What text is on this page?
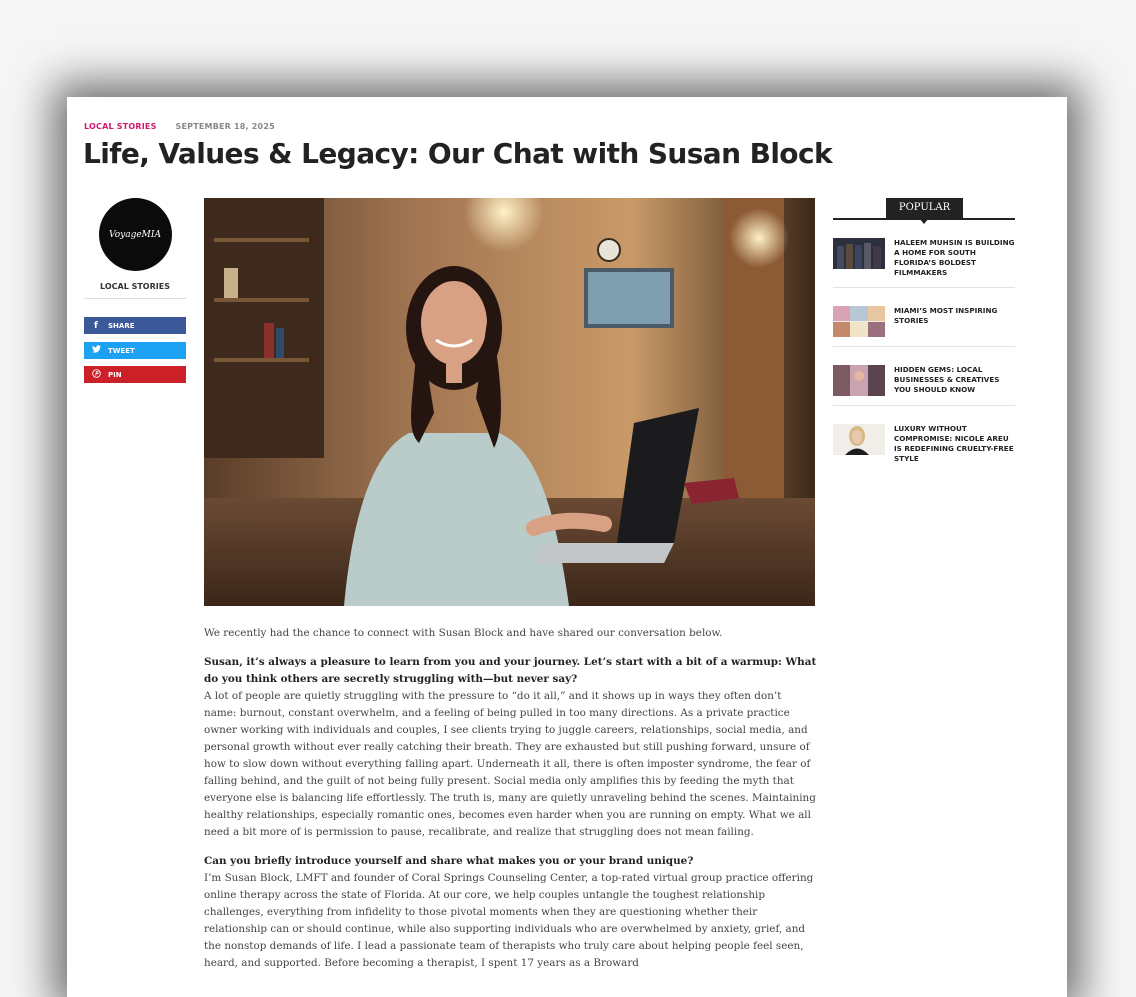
LOCAL STORIES SEPTEMBER 18, 2025
Life, Values & Legacy: Our Chat with Susan Block
VoyageMIA
LOCAL STORIES
f	SHARE
TWEET
PIN

We recently had the chance to connect with Susan Block and have shared our conversation below.

Susan, it’s always a pleasure to learn from you and your journey. Let’s start with a bit of a warmup: What do you think others are secretly struggling with—but never say?

A lot of people are quietly struggling with the pressure to “do it all,” and it shows up in ways they often don’t name: burnout, constant overwhelm, and a feeling of being pulled in too many directions. As a private practice owner working with individuals and couples, I see clients trying to juggle careers, relationships, social media, and personal growth without ever really catching their breath. They are exhausted but still pushing forward, unsure of how to slow down without everything falling apart. Underneath it all, there is often imposter syndrome, the fear of falling behind, and the guilt of not being fully present. Social media only amplifies this by feeding the myth that everyone else is balancing life effortlessly. The truth is, many are quietly unraveling behind the scenes. Maintaining healthy relationships, especially romantic ones, becomes even harder when you are running on empty. What we all need a bit more of is permission to pause, recalibrate, and realize that struggling does not mean failing.

Can you briefly introduce yourself and share what makes you or your brand unique?

I’m Susan Block, LMFT and founder of Coral Springs Counseling Center, a top-rated virtual group practice offering online therapy across the state of Florida. At our core, we help couples untangle the toughest relationship challenges, everything from infidelity to those pivotal moments when they are questioning whether their relationship can or should continue, while also supporting individuals who are overwhelmed by anxiety, grief, and the nonstop demands of life. I lead a passionate team of therapists who truly care about helping people feel seen, heard, and supported. Before becoming a therapist, I spent 17 years as a Broward

POPULAR
HALEEM MUHSIN IS BUILDING A HOME FOR SOUTH FLORIDA’S BOLDEST FILMMAKERS
MIAMI’S MOST INSPIRING STORIES
HIDDEN GEMS: LOCAL BUSINESSES & CREATIVES YOU SHOULD KNOW
LUXURY WITHOUT COMPROMISE: NICOLE AREU IS REDEFINING CRUELTY-FREE STYLE
